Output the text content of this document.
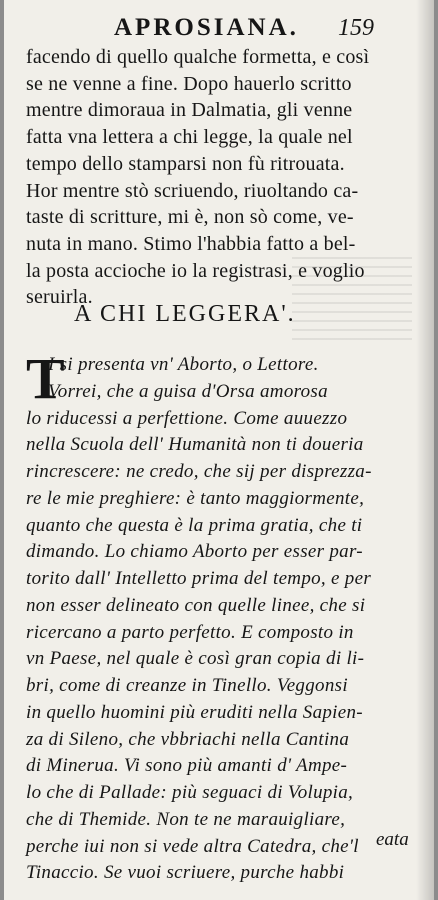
APROSIANA. 159
facendo di quello qualche formetta, e così
se ne venne a fine. Dopo hauerlo scritto
mentre dimoraua in Dalmatia, gli venne
fatta vna lettera a chi legge, la quale nel
tempo dello stamparsi non fù ritrouata.
Hor mentre stò scriuendo, riuoltando ca-
taste di scritture, mi è, non sò come, ve-
nuta in mano. Stimo l'habbia fatto a bel-
la posta accioche io la registrasi, e voglio
seruirla.
A CHI LEGGERA'.
T
I si presenta vn' Aborto, o Lettore.
Vorrei, che a guisa d'Orsa amorosa
lo riducessi a perfettione. Come auuezzo
nella Scuola dell' Humanità non ti doueria
rincrescere: ne credo, che sij per disprezza-
re le mie preghiere: è tanto maggiormente,
quanto che questa è la prima gratia, che ti
dimando. Lo chiamo Aborto per esser par-
torito dall' Intelletto prima del tempo, e per
non esser delineato con quelle linee, che si
ricercano a parto perfetto. E composto in
vn Paese, nel quale è così gran copia di li-
bri, come di creanze in Tinello. Veggonsi
in quello huomini più eruditi nella Sapien-
za di Sileno, che vbbriachi nella Cantina
di Minerua. Vi sono più amanti d' Ampe-
lo che di Pallade: più seguaci di Volupia,
che di Themide. Non te ne marauigliare,
perche iui non si vede altra Catedra, che'l
Tinaccio. Se vuoi scriuere, purche habbi
eata
